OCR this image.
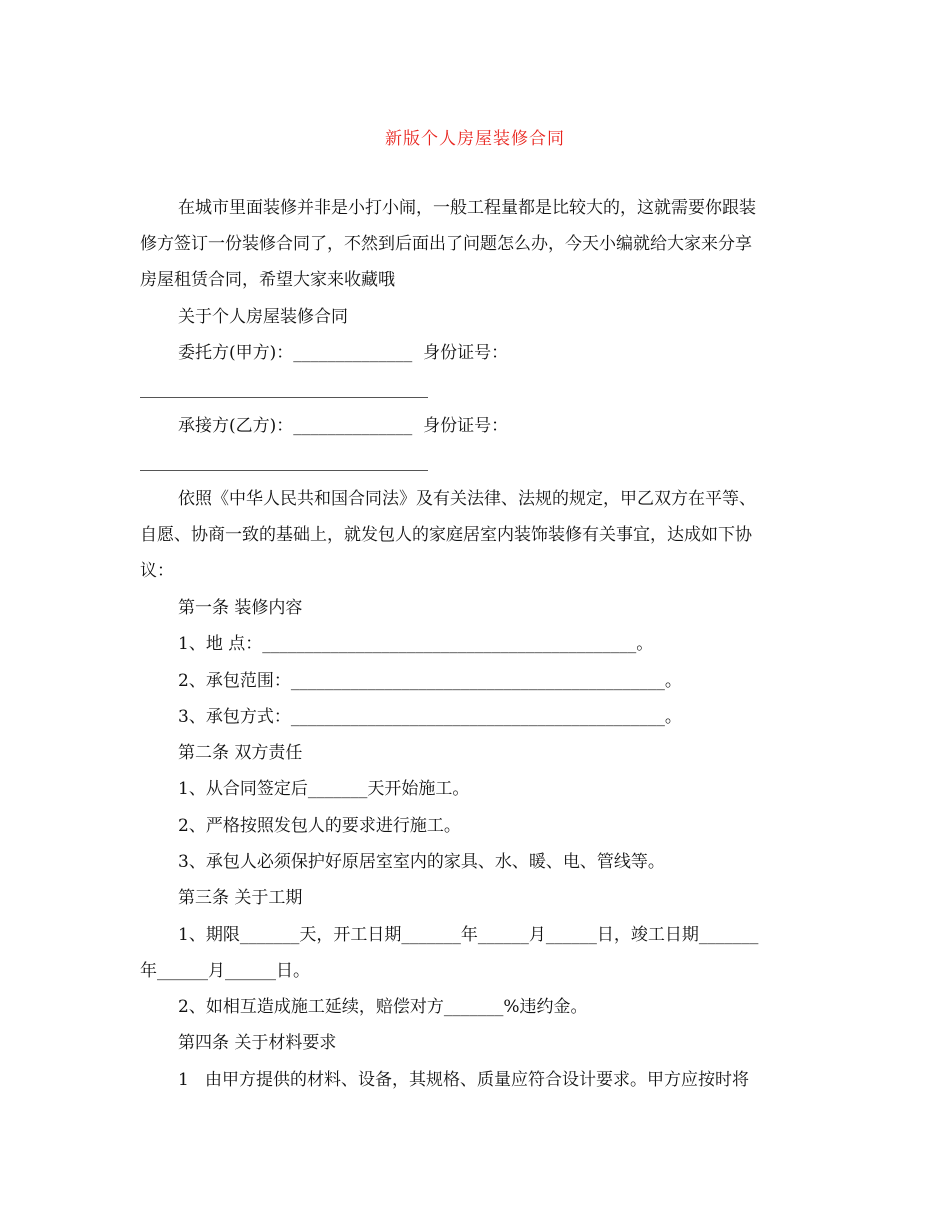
新版个人房屋装修合同
在城市里面装修并非是小打小闹，一般工程量都是比较大的，这就需要你跟装
修方签订一份装修合同了，不然到后面出了问题怎么办，今天小编就给大家来分享
房屋租赁合同，希望大家来收藏哦
关于个人房屋装修合同
委托方(甲方)：______________  身份证号：
承接方(乙方)：______________  身份证号：
依照《中华人民共和国合同法》及有关法律、法规的规定，甲乙双方在平等、
自愿、协商一致的基础上，就发包人的家庭居室内装饰装修有关事宜，达成如下协
议：
第一条 装修内容
1、地 点：____________________________________________。
2、承包范围：____________________________________________。
3、承包方式：____________________________________________。
第二条 双方责任
1、从合同签定后_______天开始施工。
2、严格按照发包人的要求进行施工。
3、承包人必须保护好原居室室内的家具、水、暖、电、管线等。
第三条 关于工期
1、期限_______天，开工日期_______年______月______日，竣工日期_______
年______月______日。
2、如相互造成施工延续，赔偿对方_______%违约金。
第四条 关于材料要求
1   由甲方提供的材料、设备，其规格、质量应符合设计要求。甲方应按时将
